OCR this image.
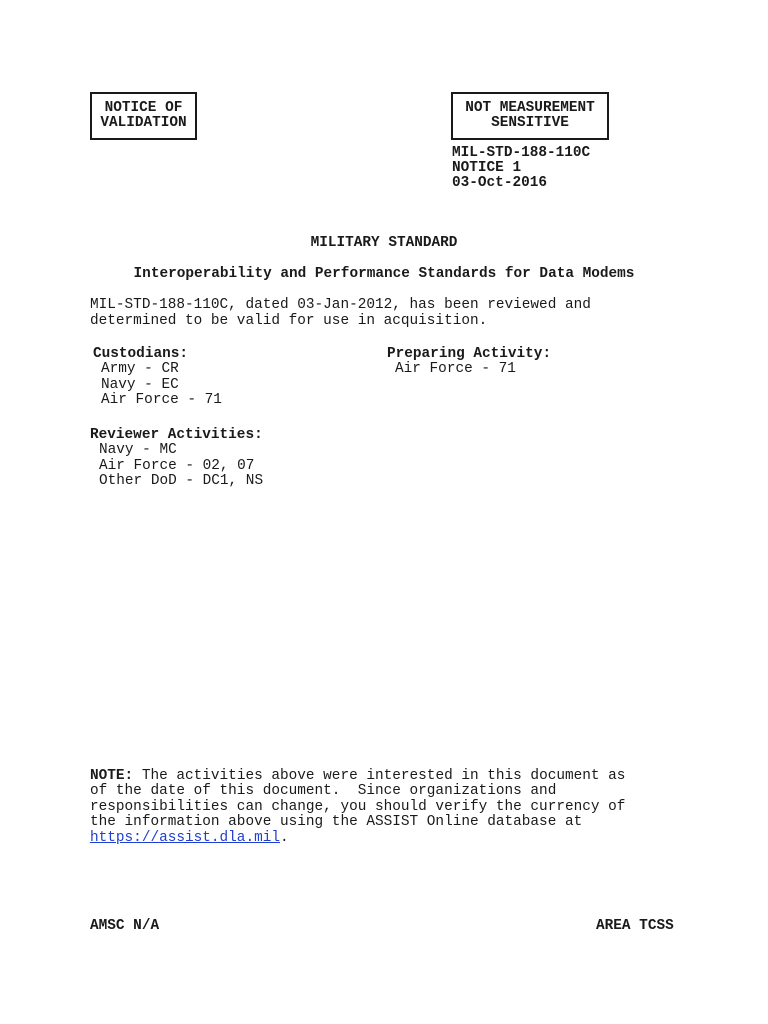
NOTICE OF
VALIDATION
NOT MEASUREMENT
SENSITIVE
MIL-STD-188-110C
NOTICE 1
03-Oct-2016
MILITARY STANDARD
Interoperability and Performance Standards for Data Modems
MIL-STD-188-110C, dated 03-Jan-2012, has been reviewed and
determined to be valid for use in acquisition.
Custodians:
Army - CR
Navy - EC
Air Force - 71
Preparing Activity:
Air Force - 71
Reviewer Activities:
Navy - MC
Air Force - 02, 07
Other DoD - DC1, NS
NOTE: The activities above were interested in this document as
of the date of this document.  Since organizations and
responsibilities can change, you should verify the currency of
the information above using the ASSIST Online database at
https://assist.dla.mil.
AMSC N/A	AREA TCSS
